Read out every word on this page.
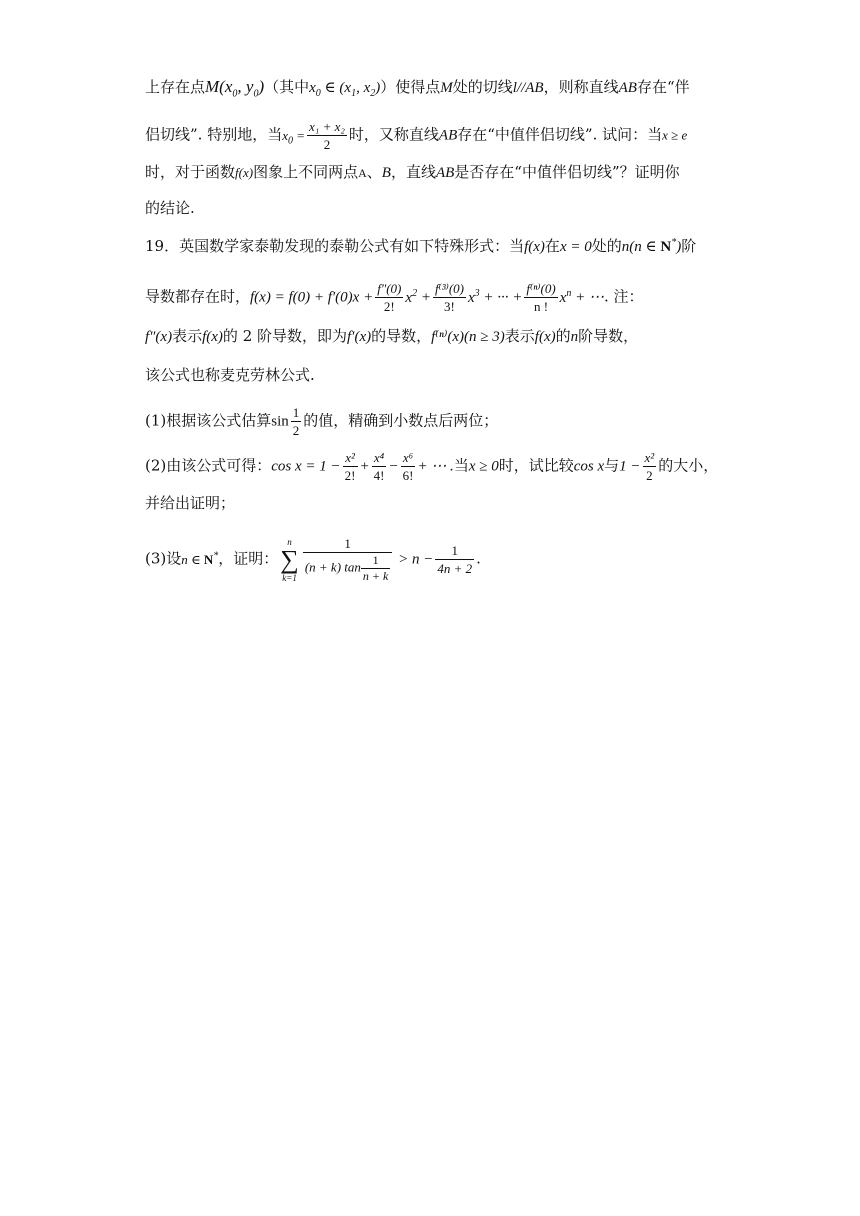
上存在点$M(x_0$, $y_0$)（其中$x_0$ ∈ ($x_1$, $x_2$)）使得点M处的切线l//AB，则称直线AB存在“伴
侣切线”. 特别地，当$x_0 = \frac{\text{x₁ + x₂}}{2}$ 时，又称直线AB存在“中值伴侣切线”. 试问：当x ≥ e
时，对于函数f(x)图象上不同两点A、B，直线AB是否存在“中值伴侣切线”？证明你
的结论.
19．英国数学家泰勒发现的泰勒公式有如下特殊形式：当f(x)在x = 0处的n(n ∈ N*)阶
导数都存在时，$f(x) = f(0) + f'(0)x + \frac{f''(0)}{2!} x^2 + \frac{\text{f⁽³⁾(0)}}{3!} x^3$ + ··· + $\frac{\text{f⁽ⁿ⁾(0)}}{n !} x^n$ + ⋯. 注：
f″(x)表示f(x)的 2 阶导数，即为f′(x)的导数，f⁽ⁿ⁾(x)(n ≥ 3)表示f(x)的n阶导数，
该公式也称麦克劳林公式.
(1)根据该公式估算$\sin \frac{1}{2}$ 的值，精确到小数点后两位；
(2)由该公式可得：$\cos x = 1 - \frac{\text{x²}}{2!} + \frac{\text{x⁴}}{4!} - \frac{\text{x⁶}}{6!}$ + ⋯ .当x ≥ 0时，试比较cos x与$1 - \frac{\text{x²}}{2}$ 的大小，
并给出证明；
(3)设n ∈ N*，证明：
n
∑
$k=1 \frac{1}{(n + k) \tan \frac{1}{n + k}} > n - \frac{1}{4n + 2}$ .
